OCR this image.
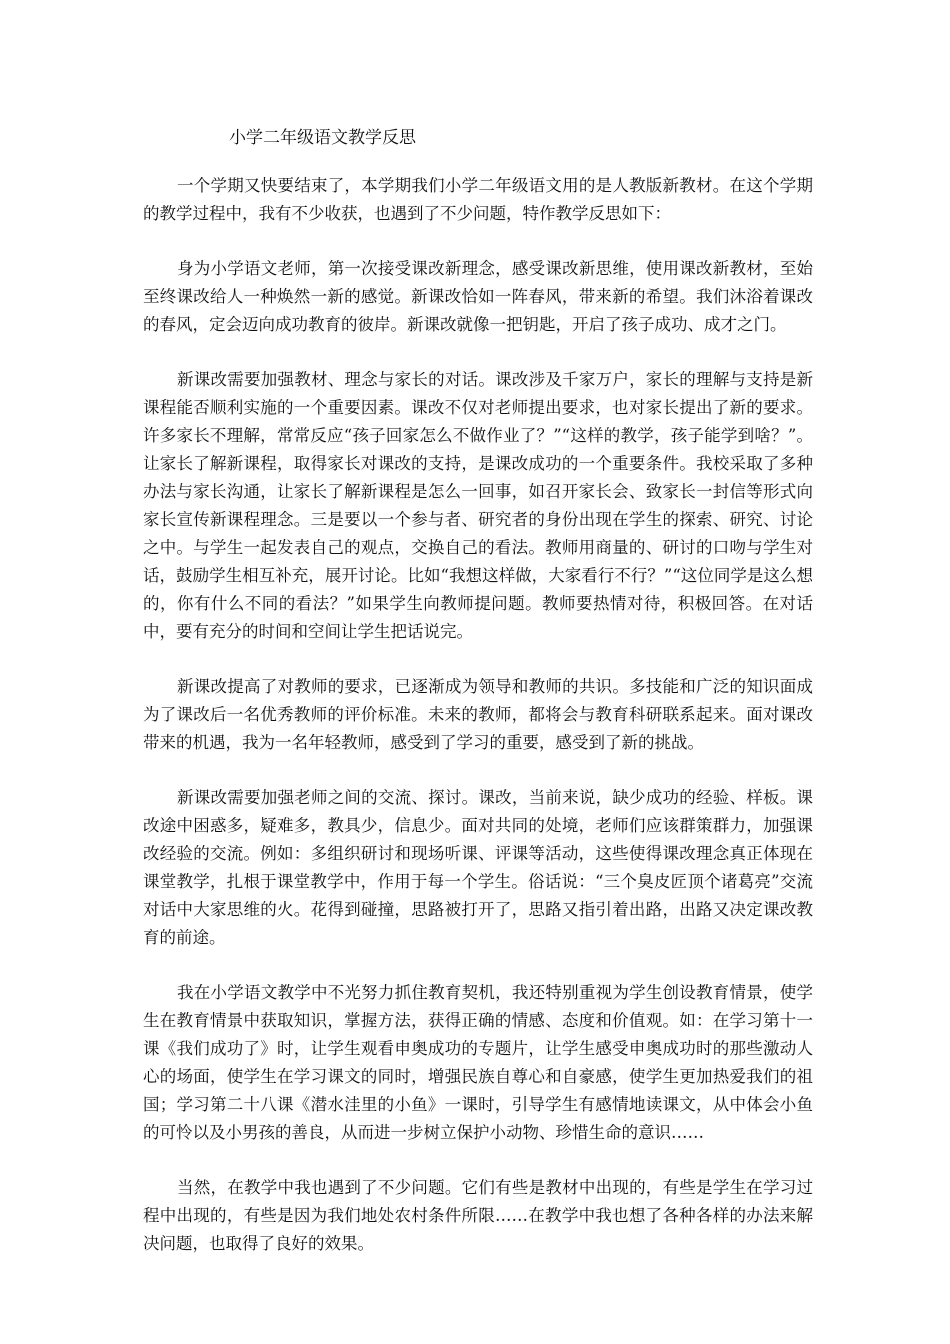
小学二年级语文教学反思

一个学期又快要结束了，本学期我们小学二年级语文用的是人教版新教材。在这个学期的教学过程中，我有不少收获，也遇到了不少问题，特作教学反思如下：

身为小学语文老师，第一次接受课改新理念，感受课改新思维，使用课改新教材，至始至终课改给人一种焕然一新的感觉。新课改恰如一阵春风，带来新的希望。我们沐浴着课改的春风，定会迈向成功教育的彼岸。新课改就像一把钥匙，开启了孩子成功、成才之门。

新课改需要加强教材、理念与家长的对话。课改涉及千家万户，家长的理解与支持是新课程能否顺利实施的一个重要因素。课改不仅对老师提出要求，也对家长提出了新的要求。许多家长不理解，常常反应“孩子回家怎么不做作业了？”“这样的教学，孩子能学到啥？”。让家长了解新课程，取得家长对课改的支持，是课改成功的一个重要条件。我校采取了多种办法与家长沟通，让家长了解新课程是怎么一回事，如召开家长会、致家长一封信等形式向家长宣传新课程理念。三是要以一个参与者、研究者的身份出现在学生的探索、研究、讨论之中。与学生一起发表自己的观点，交换自己的看法。教师用商量的、研讨的口吻与学生对话，鼓励学生相互补充，展开讨论。比如“我想这样做，大家看行不行？”“这位同学是这么想的，你有什么不同的看法？”如果学生向教师提问题。教师要热情对待，积极回答。在对话中，要有充分的时间和空间让学生把话说完。

新课改提高了对教师的要求，已逐渐成为领导和教师的共识。多技能和广泛的知识面成为了课改后一名优秀教师的评价标准。未来的教师，都将会与教育科研联系起来。面对课改带来的机遇，我为一名年轻教师，感受到了学习的重要，感受到了新的挑战。

新课改需要加强老师之间的交流、探讨。课改，当前来说，缺少成功的经验、样板。课改途中困惑多，疑难多，教具少，信息少。面对共同的处境，老师们应该群策群力，加强课改经验的交流。例如：多组织研讨和现场听课、评课等活动，这些使得课改理念真正体现在课堂教学，扎根于课堂教学中，作用于每一个学生。俗话说：“三个臭皮匠顶个诸葛亮”交流对话中大家思维的火。花得到碰撞，思路被打开了，思路又指引着出路，出路又决定课改教育的前途。

我在小学语文教学中不光努力抓住教育契机，我还特别重视为学生创设教育情景，使学生在教育情景中获取知识，掌握方法，获得正确的情感、态度和价值观。如：在学习第十一课《我们成功了》时，让学生观看申奥成功的专题片，让学生感受申奥成功时的那些激动人心的场面，使学生在学习课文的同时，增强民族自尊心和自豪感，使学生更加热爱我们的祖国；学习第二十八课《潜水洼里的小鱼》一课时，引导学生有感情地读课文，从中体会小鱼的可怜以及小男孩的善良，从而进一步树立保护小动物、珍惜生命的意识……

当然，在教学中我也遇到了不少问题。它们有些是教材中出现的，有些是学生在学习过程中出现的，有些是因为我们地处农村条件所限……在教学中我也想了各种各样的办法来解决问题，也取得了良好的效果。
